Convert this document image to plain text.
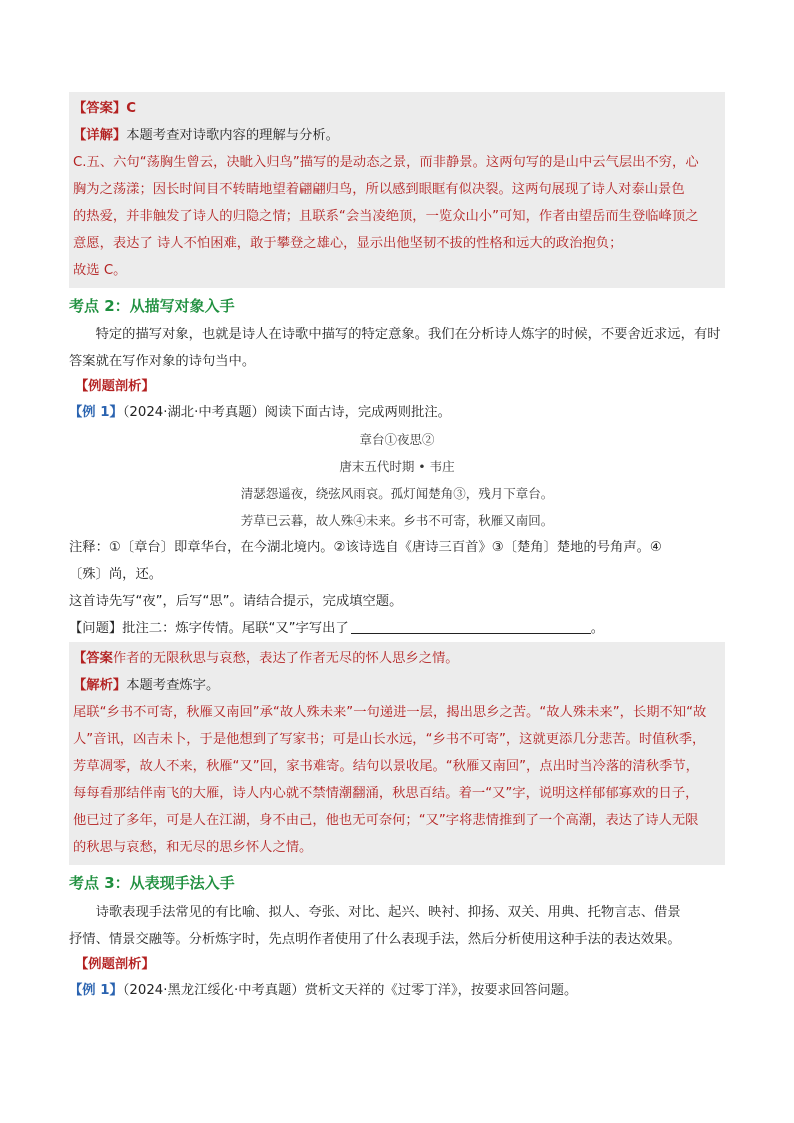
【答案】C
【详解】本题考查对诗歌内容的理解与分析。
C.五、六句“荡胸生曾云，决眦入归鸟”描写的是动态之景，而非静景。这两句写的是山中云气层出不穷，心
胸为之荡漾；因长时间目不转睛地望着翩翩归鸟，所以感到眼眶有似决裂。这两句展现了诗人对泰山景色
的热爱，并非触发了诗人的归隐之情；且联系“会当凌绝顶，一览众山小”可知，作者由望岳而生登临峰顶之
意愿，表达了 诗人不怕困难，敢于攀登之雄心，显示出他坚韧不拔的性格和远大的政治抱负；
故选 C。
考点 2：从描写对象入手
特定的描写对象，也就是诗人在诗歌中描写的特定意象。我们在分析诗人炼字的时候，不要舍近求远，有时答案就在写作对象的诗句当中。
【例题剖析】
【例 1】（2024·湖北·中考真题）阅读下面古诗，完成两则批注。
章台①夜思②
唐末五代时期 • 韦庄
清瑟怨遥夜，绕弦风雨哀。孤灯闻楚角③，残月下章台。
芳草已云暮，故人殊④未来。乡书不可寄，秋雁又南回。
注释：①〔章台〕即章华台，在今湖北境内。②该诗选自《唐诗三百首》③〔楚角〕楚地的号角声。④
〔殊〕尚，还。
这首诗先写“夜”，后写“思”。请结合提示，完成填空题。
【问题】批注二：炼字传情。尾联“又”字写出了	。
【答案作者的无限秋思与哀愁，表达了作者无尽的怀人思乡之情。
【解析】本题考查炼字。
尾联“乡书不可寄，秋雁又南回”承“故人殊未来”一句递进一层，揭出思乡之苦。“故人殊未来”，长期不知“故
人”音讯，凶吉未卜，于是他想到了写家书；可是山长水远，“乡书不可寄”，这就更添几分悲苦。时值秋季，
芳草凋零，故人不来，秋雁“又”回，家书难寄。结句以景收尾。“秋雁又南回”，点出时当冷落的清秋季节，
每每看那结伴南飞的大雁，诗人内心就不禁情潮翻涌，秋思百结。着一“又”字，说明这样郁郁寡欢的日子，
他已过了多年，可是人在江湖，身不由己，他也无可奈何；“又”字将悲情推到了一个高潮，表达了诗人无限
的秋思与哀愁，和无尽的思乡怀人之情。
考点 3：从表现手法入手
诗歌表现手法常见的有比喻、拟人、夸张、对比、起兴、映衬、抑扬、双关、用典、托物言志、借景
抒情、情景交融等。分析炼字时，先点明作者使用了什么表现手法，然后分析使用这种手法的表达效果。
【例题剖析】
【例 1】（2024·黑龙江绥化·中考真题）赏析文天祥的《过零丁洋》，按要求回答问题。
